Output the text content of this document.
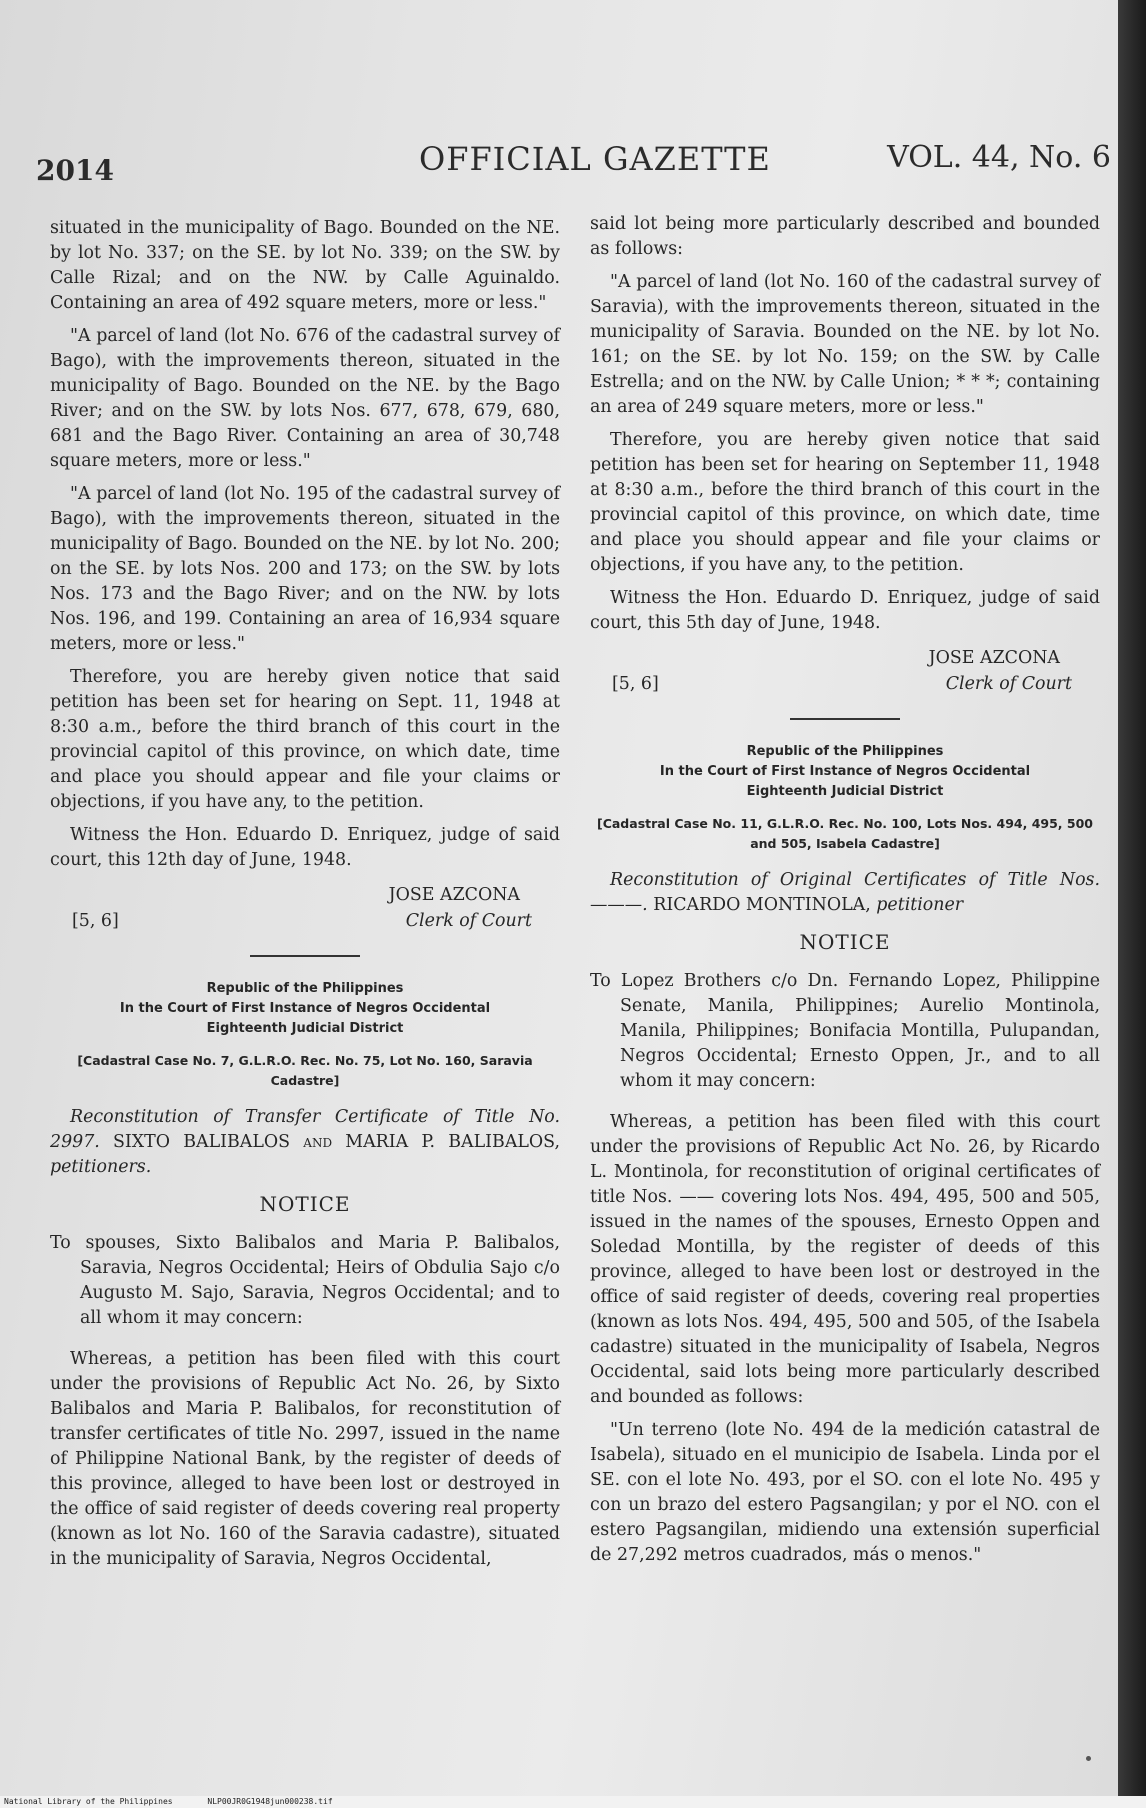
2014	OFFICIAL GAZETTE	VOL. 44, No. 6

situated in the municipality of Bago. Bounded on the NE. by lot No. 337; on the SE. by lot No. 339; on the SW. by Calle Rizal; and on the NW. by Calle Aguinaldo. Containing an area of 492 square meters, more or less."

"A parcel of land (lot No. 676 of the cadastral survey of Bago), with the improvements thereon, situated in the municipality of Bago. Bounded on the NE. by the Bago River; and on the SW. by lots Nos. 677, 678, 679, 680, 681 and the Bago River. Containing an area of 30,748 square meters, more or less."

"A parcel of land (lot No. 195 of the cadastral survey of Bago), with the improvements thereon, situated in the municipality of Bago. Bounded on the NE. by lot No. 200; on the SE. by lots Nos. 200 and 173; on the SW. by lots Nos. 173 and the Bago River; and on the NW. by lots Nos. 196, and 199. Containing an area of 16,934 square meters, more or less."

Therefore, you are hereby given notice that said petition has been set for hearing on Sept. 11, 1948 at 8:30 a.m., before the third branch of this court in the provincial capitol of this province, on which date, time and place you should appear and file your claims or objections, if you have any, to the petition.

Witness the Hon. Eduardo D. Enriquez, judge of said court, this 12th day of June, 1948.

[5, 6]
JOSE AZCONA
Clerk of Court
Republic of the Philippines
In the Court of First Instance of Negros Occidental
Eighteenth Judicial District
[Cadastral Case No. 7, G.L.R.O. Rec. No. 75, Lot No. 160, Saravia Cadastre]

Reconstitution of Transfer Certificate of Title No. 2997. SIXTO BALIBALOS and MARIA P. BALIBALOS, petitioners.

NOTICE

To spouses, Sixto Balibalos and Maria P. Balibalos, Saravia, Negros Occidental; Heirs of Obdulia Sajo c/o Augusto M. Sajo, Saravia, Negros Occidental; and to all whom it may concern:

Whereas, a petition has been filed with this court under the provisions of Republic Act No. 26, by Sixto Balibalos and Maria P. Balibalos, for reconstitution of transfer certificates of title No. 2997, issued in the name of Philippine National Bank, by the register of deeds of this province, alleged to have been lost or destroyed in the office of said register of deeds covering real property (known as lot No. 160 of the Saravia cadastre), situated in the municipality of Saravia, Negros Occidental,

said lot being more particularly described and bounded as follows:

"A parcel of land (lot No. 160 of the cadastral survey of Saravia), with the improvements thereon, situated in the municipality of Saravia. Bounded on the NE. by lot No. 161; on the SE. by lot No. 159; on the SW. by Calle Estrella; and on the NW. by Calle Union; * * *; containing an area of 249 square meters, more or less."

Therefore, you are hereby given notice that said petition has been set for hearing on September 11, 1948 at 8:30 a.m., before the third branch of this court in the provincial capitol of this province, on which date, time and place you should appear and file your claims or objections, if you have any, to the petition.

Witness the Hon. Eduardo D. Enriquez, judge of said court, this 5th day of June, 1948.

[5, 6]
JOSE AZCONA
Clerk of Court
Republic of the Philippines
In the Court of First Instance of Negros Occidental
Eighteenth Judicial District
[Cadastral Case No. 11, G.L.R.O. Rec. No. 100, Lots Nos. 494, 495, 500 and 505, Isabela Cadastre]

Reconstitution of Original Certificates of Title Nos. ———. RICARDO MONTINOLA, petitioner

NOTICE

To Lopez Brothers c/o Dn. Fernando Lopez, Philippine Senate, Manila, Philippines; Aurelio Montinola, Manila, Philippines; Bonifacia Montilla, Pulupandan, Negros Occidental; Ernesto Oppen, Jr., and to all whom it may concern:

Whereas, a petition has been filed with this court under the provisions of Republic Act No. 26, by Ricardo L. Montinola, for reconstitution of original certificates of title Nos. —— covering lots Nos. 494, 495, 500 and 505, issued in the names of the spouses, Ernesto Oppen and Soledad Montilla, by the register of deeds of this province, alleged to have been lost or destroyed in the office of said register of deeds, covering real properties (known as lots Nos. 494, 495, 500 and 505, of the Isabela cadastre) situated in the municipality of Isabela, Negros Occidental, said lots being more particularly described and bounded as follows:

"Un terreno (lote No. 494 de la medición catastral de Isabela), situado en el municipio de Isabela. Linda por el SE. con el lote No. 493, por el SO. con el lote No. 495 y con un brazo del estero Pagsangilan; y por el NO. con el estero Pagsangilan, midiendo una extensión superficial de 27,292 metros cuadrados, más o menos."

National Library of the Philippines	NLP00JR0G1948jun000238.tif
